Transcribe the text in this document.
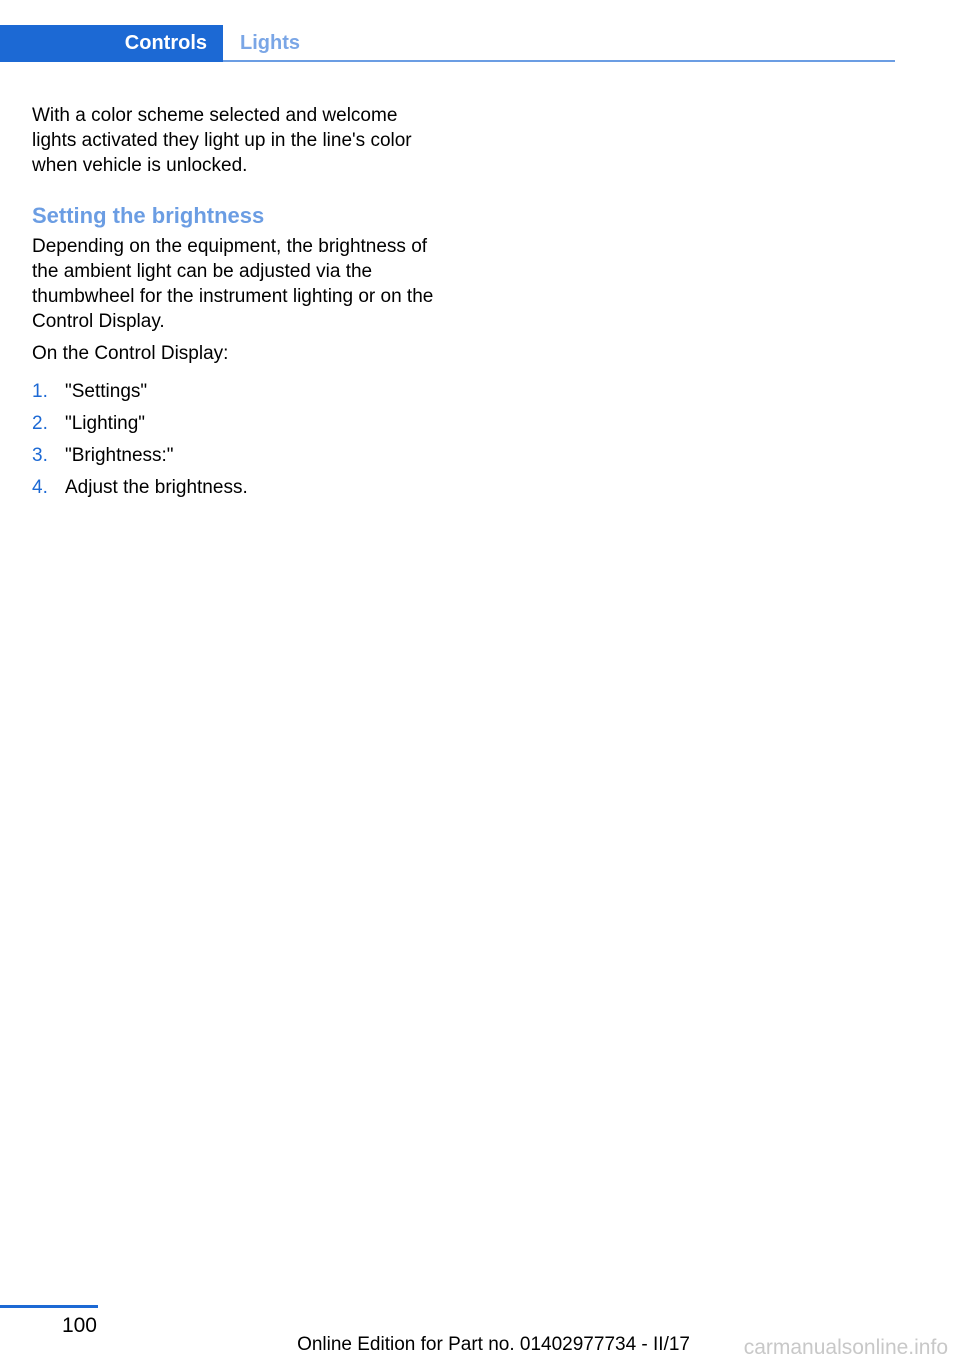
Controls	Lights

With a color scheme selected and welcome lights activated they light up in the line's color when vehicle is unlocked.

Setting the brightness

Depending on the equipment, the brightness of the ambient light can be adjusted via the thumbwheel for the instrument lighting or on the Control Display.

On the Control Display:

1. "Settings"
2. "Lighting"
3. "Brightness:"
4. Adjust the brightness.
100
Online Edition for Part no. 01402977734 - II/17	carmanualsonline.info
